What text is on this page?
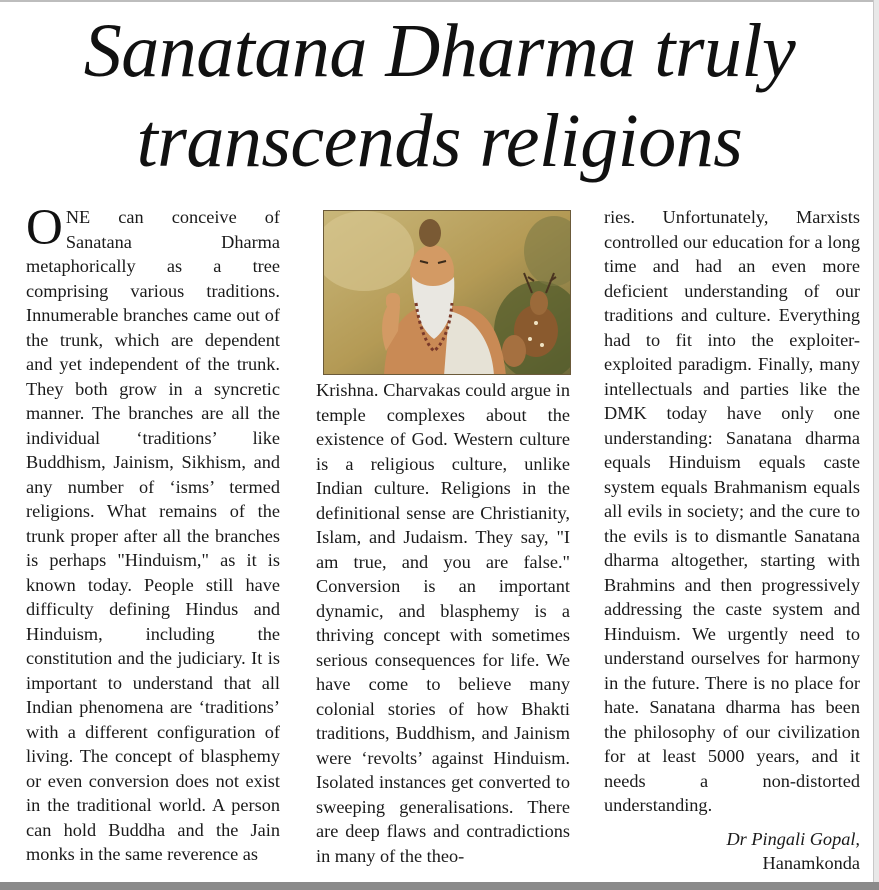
Sanatana Dharma truly
transcends religions
ONE can conceive of Sanatana Dharma metaphorically as a tree comprising various traditions. Innumerable branches came out of the trunk, which are dependent and yet independent of the trunk. They both grow in a syncretic manner. The branches are all the individual ‘traditions’ like Buddhism, Jainism, Sikhism, and any number of ‘isms’ termed religions. What remains of the trunk proper after all the branches is perhaps "Hinduism," as it is known today. People still have difficulty defining Hindus and Hinduism, including the constitution and the judiciary. It is important to understand that all Indian phenomena are ‘traditions’ with a different configuration of living. The concept of blasphemy or even conversion does not exist in the traditional world. A person can hold Buddha and the Jain monks in the same reverence as
Krishna. Charvakas could argue in temple complexes about the existence of God. Western culture is a religious culture, unlike Indian culture. Religions in the definitional sense are Christianity, Islam, and Judaism. They say, "I am true, and you are false." Conversion is an important dynamic, and blasphemy is a thriving concept with sometimes serious consequences for life. We have come to believe many colonial stories of how Bhakti traditions, Buddhism, and Jainism were ‘revolts’ against Hinduism. Isolated instances get converted to sweeping generalisations. There are deep flaws and contradictions in many of the theo-
ries. Unfortunately, Marxists controlled our education for a long time and had an even more deficient understanding of our traditions and culture. Everything had to fit into the exploiter-exploited paradigm. Finally, many intellectuals and parties like the DMK today have only one understanding: Sanatana dharma equals Hinduism equals caste system equals Brahmanism equals all evils in society; and the cure to the evils is to dismantle Sanatana dharma altogether, starting with Brahmins and then progressively addressing the caste system and Hinduism. We urgently need to understand ourselves for harmony in the future. There is no place for hate. Sanatana dharma has been the philosophy of our civilization for at least 5000 years, and it needs a non-distorted understanding.
Dr Pingali Gopal,
Hanamkonda
